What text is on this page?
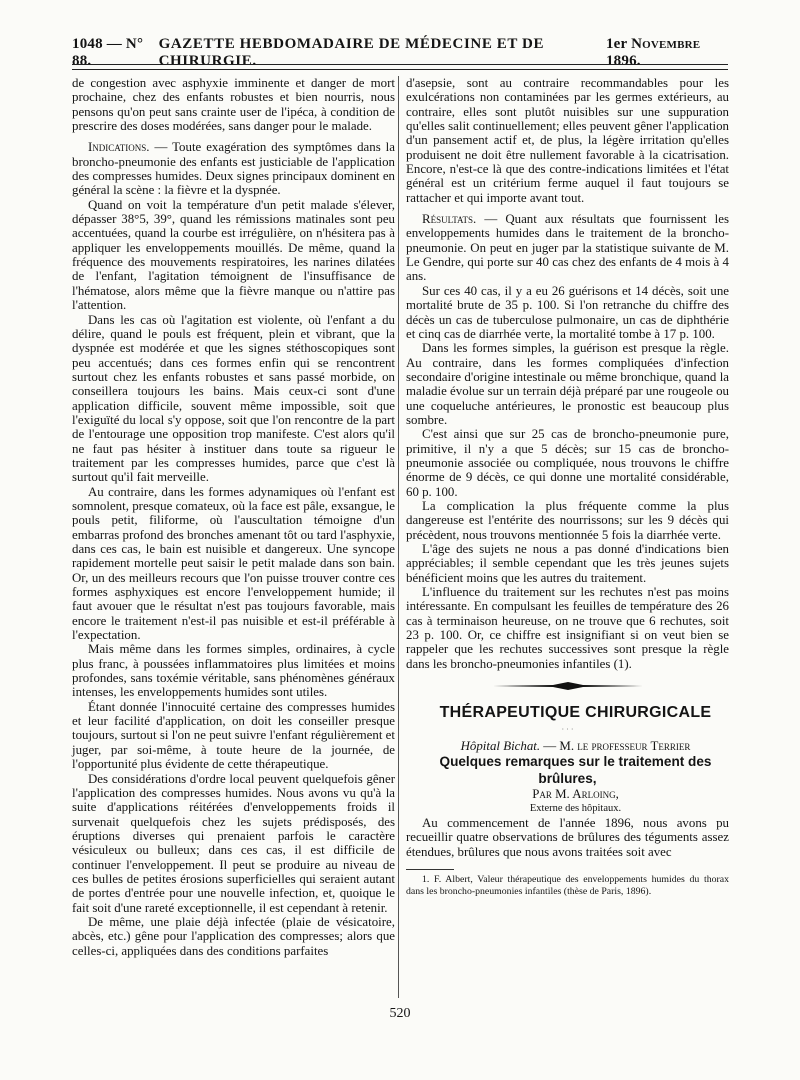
1048 — N° 88.
GAZETTE HEBDOMADAIRE DE MÉDECINE ET DE CHIRURGIE.
1er Novembre 1896.

de congestion avec asphyxie imminente et danger de mort prochaine, chez des enfants robustes et bien nourris, nous pensons qu'on peut sans crainte user de l'ipéca, à condition de prescrire des doses modérées, sans danger pour le malade.

Indications. — Toute exagération des symptômes dans la broncho-pneumonie des enfants est justiciable de l'application des compresses humides. Deux signes principaux dominent en général la scène : la fièvre et la dyspnée.

Quand on voit la température d'un petit malade s'élever, dépasser 38°5, 39°, quand les rémissions matinales sont peu accentuées, quand la courbe est irrégulière, on n'hésitera pas à appliquer les enveloppements mouillés. De même, quand la fréquence des mouvements respiratoires, les narines dilatées de l'enfant, l'agitation témoignent de l'insuffisance de l'hématose, alors même que la fièvre manque ou n'attire pas l'attention.

Dans les cas où l'agitation est violente, où l'enfant a du délire, quand le pouls est fréquent, plein et vibrant, que la dyspnée est modérée et que les signes stéthoscopiques sont peu accentués; dans ces formes enfin qui se rencontrent surtout chez les enfants robustes et sans passé morbide, on conseillera toujours les bains. Mais ceux-ci sont d'une application difficile, souvent même impossible, soit que l'exiguïté du local s'y oppose, soit que l'on rencontre de la part de l'entourage une opposition trop manifeste. C'est alors qu'il ne faut pas hésiter à instituer dans toute sa rigueur le traitement par les compresses humides, parce que c'est là surtout qu'il fait merveille.

Au contraire, dans les formes adynamiques où l'enfant est somnolent, presque comateux, où la face est pâle, exsangue, le pouls petit, filiforme, où l'auscultation témoigne d'un embarras profond des bronches amenant tôt ou tard l'asphyxie, dans ces cas, le bain est nuisible et dangereux. Une syncope rapidement mortelle peut saisir le petit malade dans son bain. Or, un des meilleurs recours que l'on puisse trouver contre ces formes asphyxiques est encore l'enveloppement humide; il faut avouer que le résultat n'est pas toujours favorable, mais encore le traitement n'est-il pas nuisible et est-il préférable à l'expectation.

Mais même dans les formes simples, ordinaires, à cycle plus franc, à poussées inflammatoires plus limitées et moins profondes, sans toxémie véritable, sans phénomènes généraux intenses, les enveloppements humides sont utiles.

Étant donnée l'innocuité certaine des compresses humides et leur facilité d'application, on doit les conseiller presque toujours, surtout si l'on ne peut suivre l'enfant régulièrement et juger, par soi-même, à toute heure de la journée, de l'opportunité plus évidente de cette thérapeutique.

Des considérations d'ordre local peuvent quelquefois gêner l'application des compresses humides. Nous avons vu qu'à la suite d'applications réitérées d'enveloppements froids il survenait quelquefois chez les sujets prédisposés, des éruptions diverses qui prenaient parfois le caractère vésiculeux ou bulleux; dans ces cas, il est difficile de continuer l'enveloppement. Il peut se produire au niveau de ces bulles de petites érosions superficielles qui seraient autant de portes d'entrée pour une nouvelle infection, et, quoique le fait soit d'une rareté exceptionnelle, il est cependant à retenir.

De même, une plaie déjà infectée (plaie de vésicatoire, abcès, etc.) gêne pour l'application des compresses; alors que celles-ci, appliquées dans des conditions parfaites

d'asepsie, sont au contraire recommandables pour les exulcérations non contaminées par les germes extérieurs, au contraire, elles sont plutôt nuisibles sur une suppuration qu'elles salit continuellement; elles peuvent gêner l'application d'un pansement actif et, de plus, la légère irritation qu'elles produisent ne doit être nullement favorable à la cicatrisation. Encore, n'est-ce là que des contre-indications limitées et l'état général est un critérium ferme auquel il faut toujours se rattacher et qui importe avant tout.

Résultats. — Quant aux résultats que fournissent les enveloppements humides dans le traitement de la broncho-pneumonie. On peut en juger par la statistique suivante de M. Le Gendre, qui porte sur 40 cas chez des enfants de 4 mois à 4 ans.

Sur ces 40 cas, il y a eu 26 guérisons et 14 décès, soit une mortalité brute de 35 p. 100. Si l'on retranche du chiffre des décès un cas de tuberculose pulmonaire, un cas de diphthérie et cinq cas de diarrhée verte, la mortalité tombe à 17 p. 100.

Dans les formes simples, la guérison est presque la règle. Au contraire, dans les formes compliquées d'infection secondaire d'origine intestinale ou même bronchique, quand la maladie évolue sur un terrain déjà préparé par une rougeole ou une coqueluche antérieures, le pronostic est beaucoup plus sombre.

C'est ainsi que sur 25 cas de broncho-pneumonie pure, primitive, il n'y a que 5 décès; sur 15 cas de broncho-pneumonie associée ou compliquée, nous trouvons le chiffre énorme de 9 décès, ce qui donne une mortalité considérable, 60 p. 100.

La complication la plus fréquente comme la plus dangereuse est l'entérite des nourrissons; sur les 9 décès qui précèdent, nous trouvons mentionnée 5 fois la diarrhée verte.

L'âge des sujets ne nous a pas donné d'indications bien appréciables; il semble cependant que les très jeunes sujets bénéficient moins que les autres du traitement.

L'influence du traitement sur les rechutes n'est pas moins intéressante. En compulsant les feuilles de température des 26 cas à terminaison heureuse, on ne trouve que 6 rechutes, soit 23 p. 100. Or, ce chiffre est insignifiant si on veut bien se rappeler que les rechutes successives sont presque la règle dans les broncho-pneumonies infantiles (1).

THÉRAPEUTIQUE CHIRURGICALE

· · ·

Hôpital Bichat. — M. le professeur Terrier

Quelques remarques sur le traitement des brûlures,

Par M. Arloing,

Externe des hôpitaux.

Au commencement de l'année 1896, nous avons pu recueillir quatre observations de brûlures des téguments assez étendues, brûlures que nous avons traitées soit avec

1. F. Albert, Valeur thérapeutique des enveloppements humides du thorax dans les broncho-pneumonies infantiles (thèse de Paris, 1896).

520
